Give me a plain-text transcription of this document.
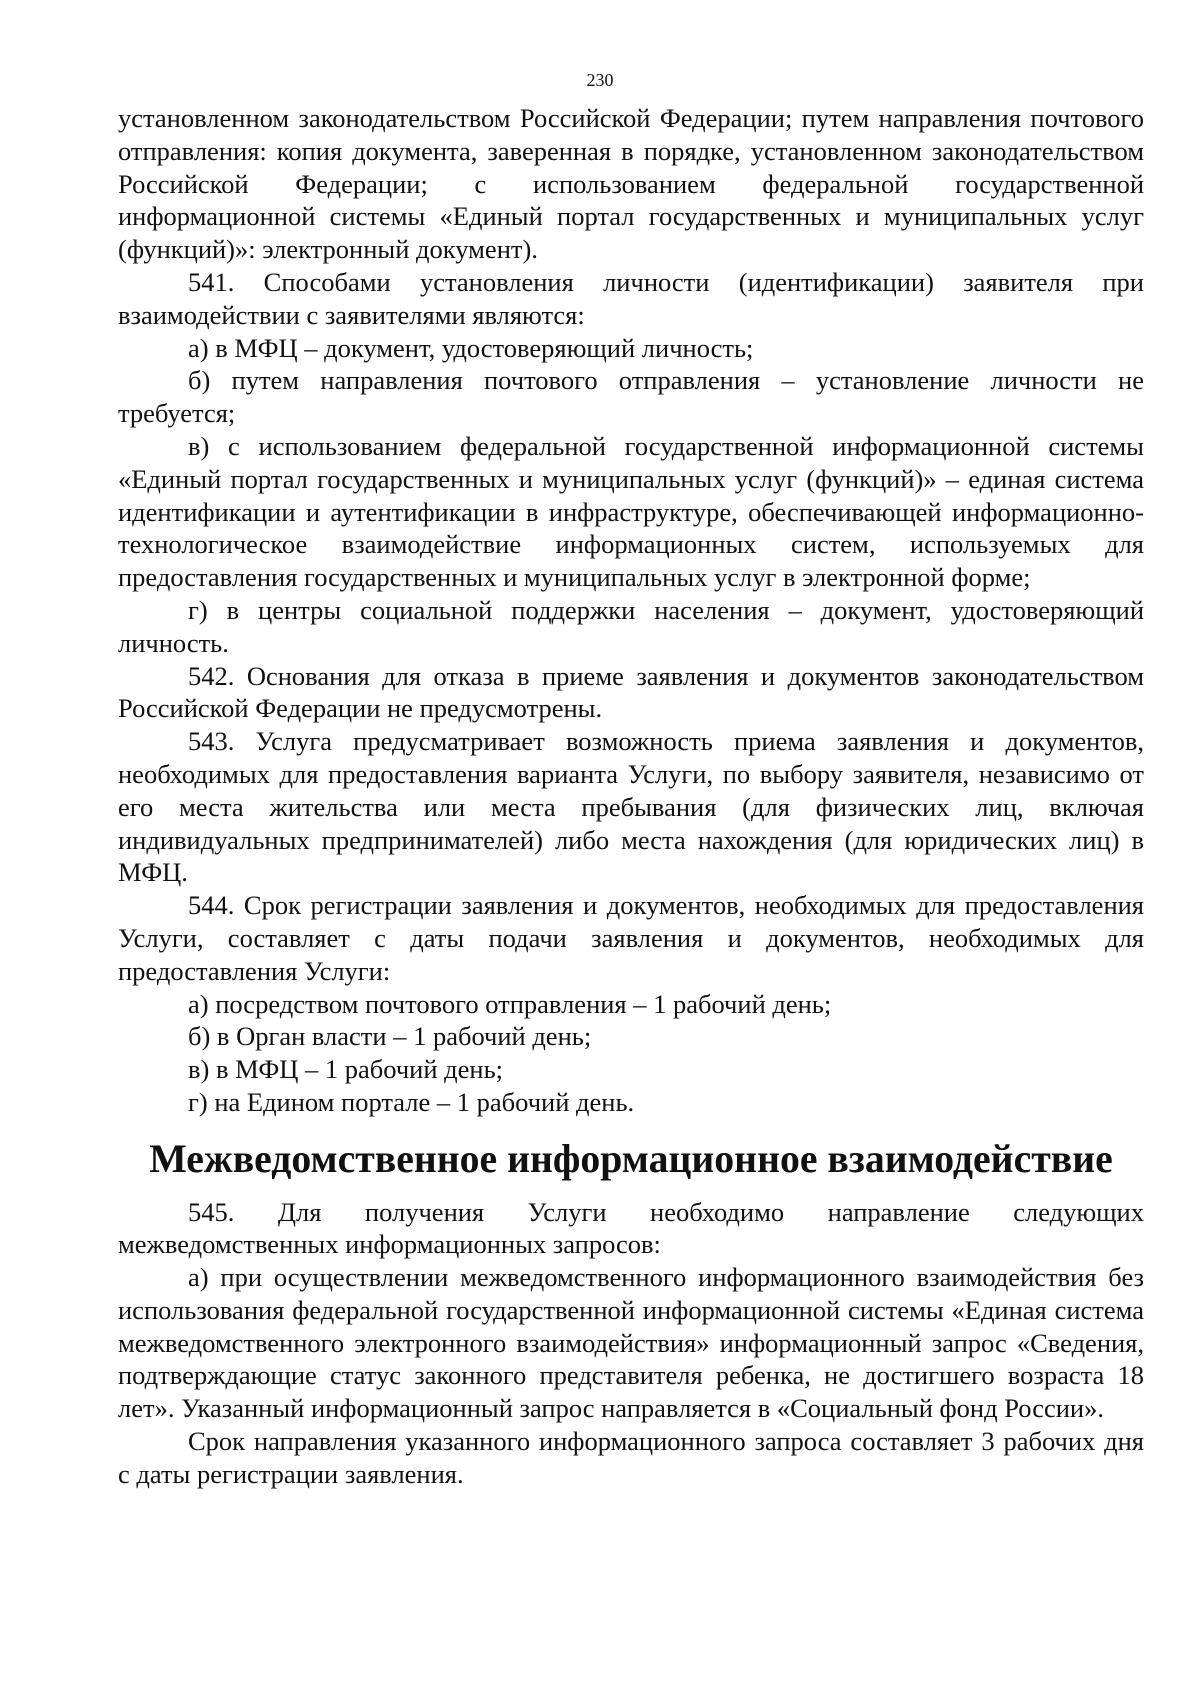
230

установленном законодательством Российской Федерации; путем направления почтового отправления: копия документа, заверенная в порядке, установленном законодательством Российской Федерации; с использованием федеральной государственной информационной системы «Единый портал государственных и муниципальных услуг (функций)»: электронный документ).

541. Способами установления личности (идентификации) заявителя при взаимодействии с заявителями являются:

а) в МФЦ – документ, удостоверяющий личность;

б) путем направления почтового отправления – установление личности не требуется;

в) с использованием федеральной государственной информационной системы «Единый портал государственных и муниципальных услуг (функций)» – единая система идентификации и аутентификации в инфраструктуре, обеспечивающей информационно-технологическое взаимодействие информационных систем, используемых для предоставления государственных и муниципальных услуг в электронной форме;

г) в центры социальной поддержки населения – документ, удостоверяющий личность.

542. Основания для отказа в приеме заявления и документов законодательством Российской Федерации не предусмотрены.

543. Услуга предусматривает возможность приема заявления и документов, необходимых для предоставления варианта Услуги, по выбору заявителя, независимо от его места жительства или места пребывания (для физических лиц, включая индивидуальных предпринимателей) либо места нахождения (для юридических лиц) в МФЦ.

544. Срок регистрации заявления и документов, необходимых для предоставления Услуги, составляет с даты подачи заявления и документов, необходимых для предоставления Услуги:

а) посредством почтового отправления – 1 рабочий день;

б) в Орган власти – 1 рабочий день;

в) в МФЦ – 1 рабочий день;

г) на Едином портале – 1 рабочий день.

Межведомственное информационное взаимодействие

545. Для получения Услуги необходимо направление следующих межведомственных информационных запросов:

а) при осуществлении межведомственного информационного взаимодействия без использования федеральной государственной информационной системы «Единая система межведомственного электронного взаимодействия» информационный запрос «Сведения, подтверждающие статус законного представителя ребенка, не достигшего возраста 18 лет». Указанный информационный запрос направляется в «Социальный фонд России».

Срок направления указанного информационного запроса составляет 3 рабочих дня с даты регистрации заявления.
